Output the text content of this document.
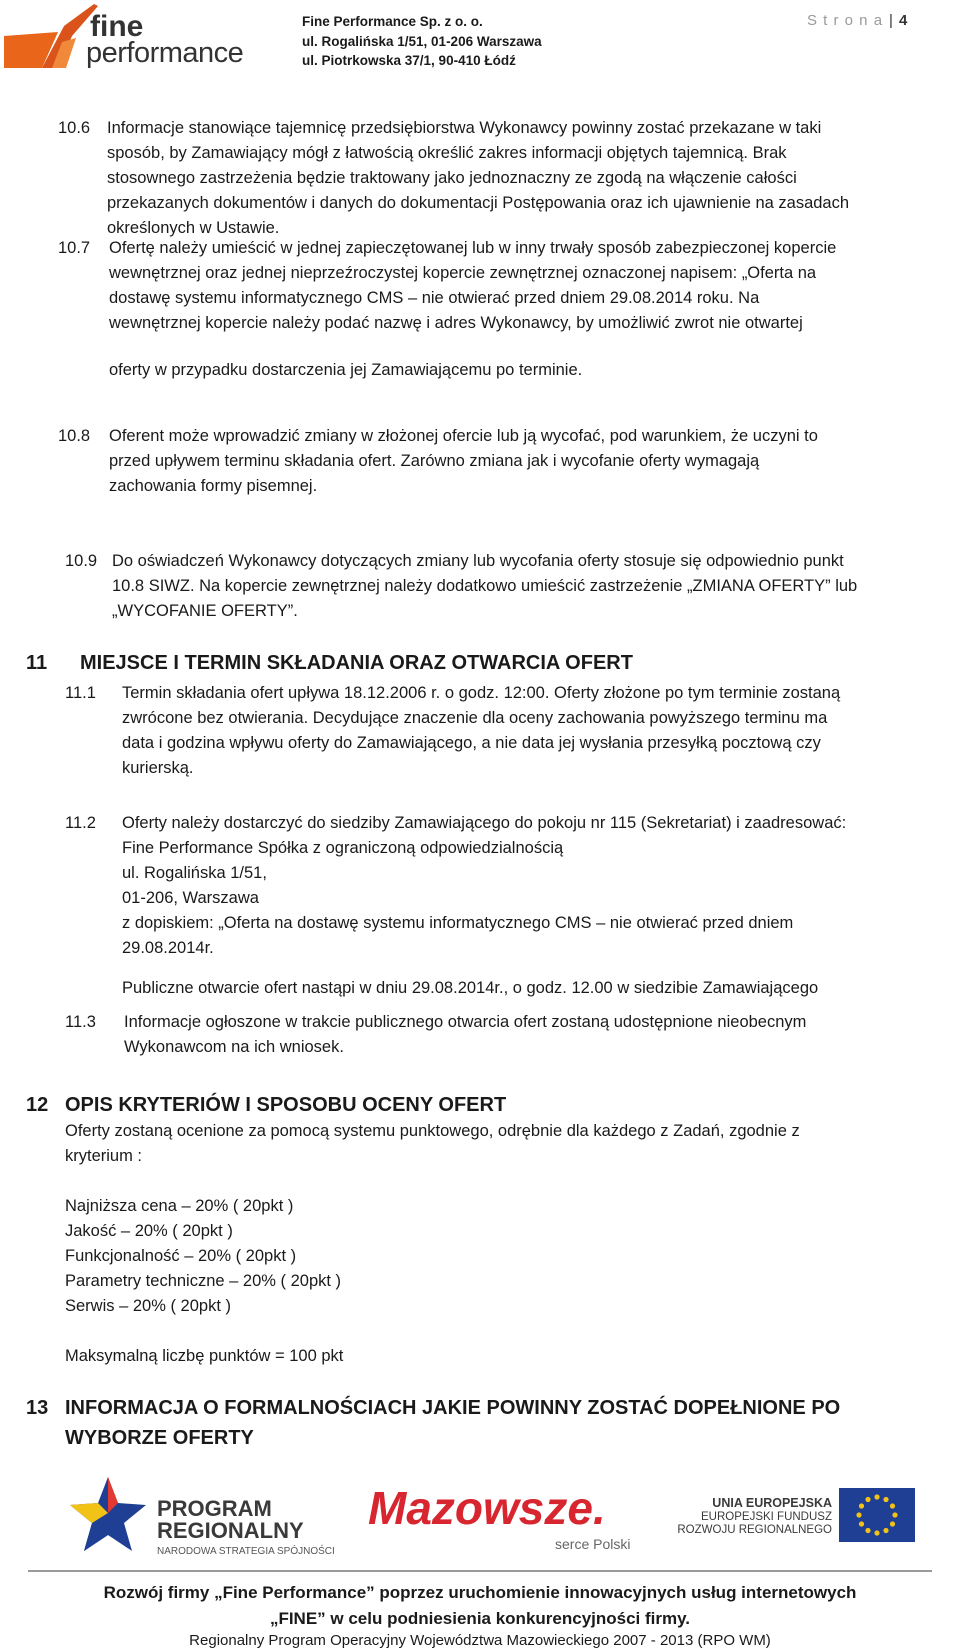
fine
performance
Fine Performance Sp. z o. o.
ul. Rogalińska 1/51, 01-206 Warszawa
ul. Piotrkowska 37/1, 90-410 Łódź
S t r o n a | 4
10.6 Informacje stanowiące tajemnicę przedsiębiorstwa Wykonawcy powinny zostać przekazane w taki
sposób, by Zamawiający mógł z łatwością określić zakres informacji objętych tajemnicą. Brak
stosownego zastrzeżenia będzie traktowany jako jednoznaczny ze zgodą na włączenie całości
przekazanych dokumentów i danych do dokumentacji Postępowania oraz ich ujawnienie na zasadach
określonych w Ustawie.
10.7 Ofertę należy umieścić w jednej zapieczętowanej lub w inny trwały sposób zabezpieczonej kopercie
wewnętrznej oraz jednej nieprzeźroczystej kopercie zewnętrznej oznaczonej napisem: „Oferta na
dostawę systemu informatycznego CMS – nie otwierać przed dniem 29.08.2014 roku. Na
wewnętrznej kopercie należy podać nazwę i adres Wykonawcy, by umożliwić zwrot nie otwartej
oferty w przypadku dostarczenia jej Zamawiającemu po terminie.
10.8 Oferent może wprowadzić zmiany w złożonej ofercie lub ją wycofać, pod warunkiem, że uczyni to
przed upływem terminu składania ofert. Zarówno zmiana jak i wycofanie oferty wymagają
zachowania formy pisemnej.
10.9 Do oświadczeń Wykonawcy dotyczących zmiany lub wycofania oferty stosuje się odpowiednio punkt
10.8 SIWZ. Na kopercie zewnętrznej należy dodatkowo umieścić zastrzeżenie „ZMIANA OFERTY” lub
„WYCOFANIE OFERTY”.
11 MIEJSCE I TERMIN SKŁADANIA ORAZ OTWARCIA OFERT
11.1 Termin składania ofert upływa 18.12.2006 r. o godz. 12:00. Oferty złożone po tym terminie zostaną
zwrócone bez otwierania. Decydujące znaczenie dla oceny zachowania powyższego terminu ma
data i godzina wpływu oferty do Zamawiającego, a nie data jej wysłania przesyłką pocztową czy
kurierską.
11.2 Oferty należy dostarczyć do siedziby Zamawiającego do pokoju nr 115 (Sekretariat) i zaadresować:
Fine Performance Spółka z ograniczoną odpowiedzialnością
ul. Rogalińska 1/51,
01-206, Warszawa
z dopiskiem: „Oferta na dostawę systemu informatycznego CMS – nie otwierać przed dniem
29.08.2014r.
Publiczne otwarcie ofert nastąpi w dniu 29.08.2014r., o godz. 12.00 w siedzibie Zamawiającego
11.3 Informacje ogłoszone w trakcie publicznego otwarcia ofert zostaną udostępnione nieobecnym
Wykonawcom na ich wniosek.
12 OPIS KRYTERIÓW I SPOSOBU OCENY OFERT
Oferty zostaną ocenione za pomocą systemu punktowego, odrębnie dla każdego z Zadań, zgodnie z
kryterium :
Najniższa cena – 20% ( 20pkt )
Jakość – 20% ( 20pkt )
Funkcjonalność – 20% ( 20pkt )
Parametry techniczne – 20% ( 20pkt )
Serwis – 20% ( 20pkt )
Maksymalną liczbę punktów = 100 pkt
13 INFORMACJA O FORMALNOŚCIACH JAKIE POWINNY ZOSTAĆ DOPEŁNIONE PO
WYBORZE OFERTY
PROGRAM
REGIONALNY
NARODOWA STRATEGIA SPÓJNOŚCI
Mazowsze.
serce Polski
UNIA EUROPEJSKA
EUROPEJSKI FUNDUSZ
ROZWOJU REGIONALNEGO
Rozwój firmy „Fine Performance” poprzez uruchomienie innowacyjnych usług internetowych
„FINE” w celu podniesienia konkurencyjności firmy.
Regionalny Program Operacyjny Województwa Mazowieckiego 2007 - 2013 (RPO WM)
